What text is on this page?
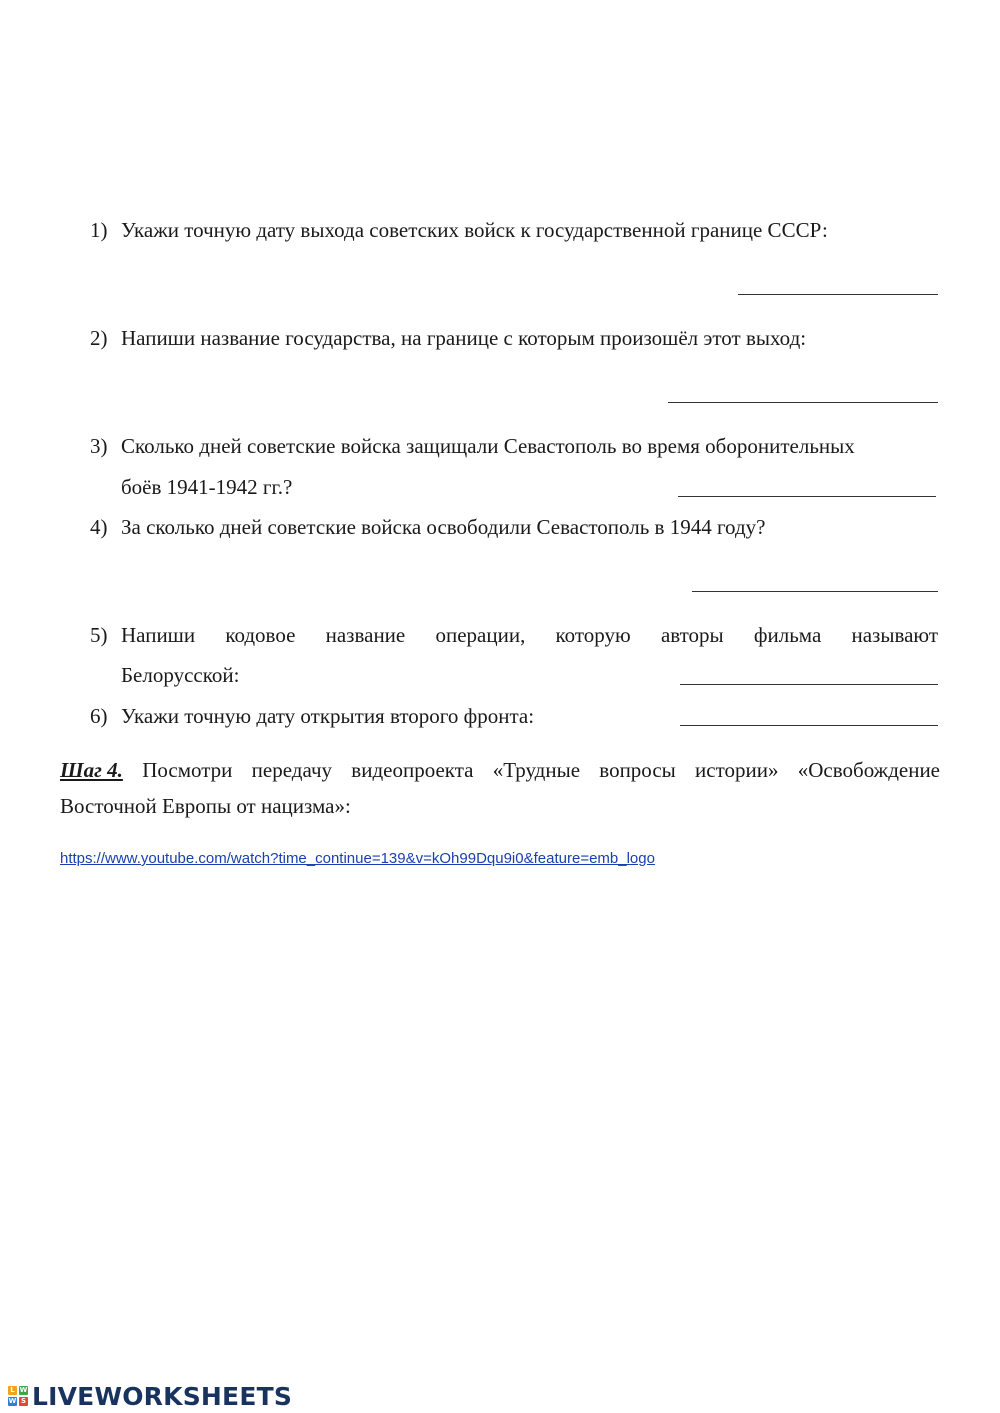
1) Укажи точную дату выхода советских войск к государственной границе СССР:
2) Напиши название государства, на границе с которым произошёл этот выход:
3) Сколько дней советские войска защищали Севастополь во время оборонительных
боёв 1941-1942 гг.?
4) За сколько дней советские войска освободили Севастополь в 1944 году?
5) Напиши кодовое название операции, которую авторы фильма называют
Белорусской:
6) Укажи точную дату открытия второго фронта:
Шаг 4. Посмотри передачу видеопроекта «Трудные вопросы истории» «Освобождение
Восточной Европы от нацизма»:
https://www.youtube.com/watch?time_continue=139&v=kOh99Dqu9i0&feature=emb_logo
L W
W S LIVEWORKSHEETS
